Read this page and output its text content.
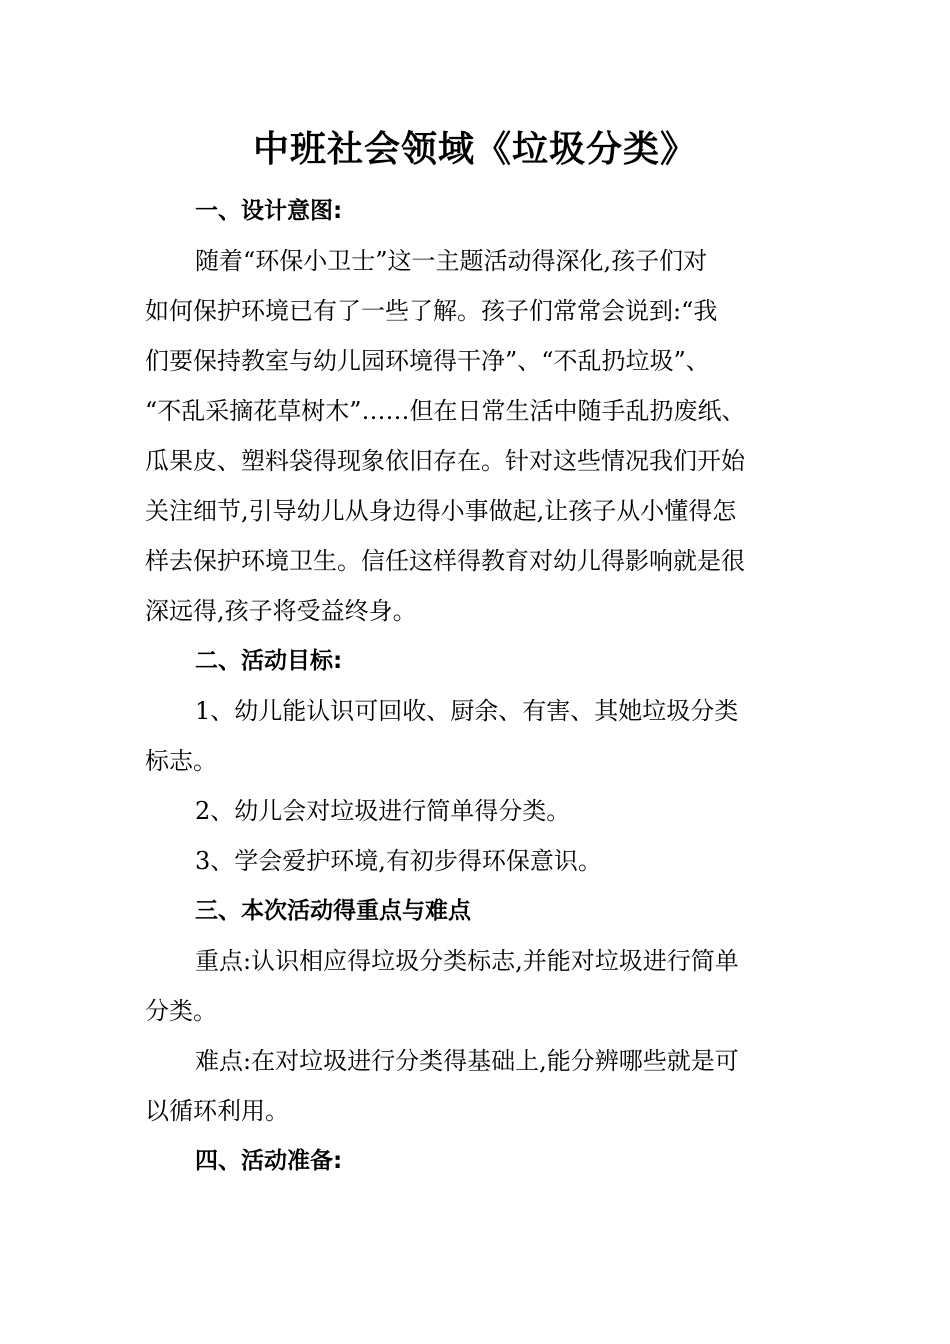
中班社会领域《垃圾分类》
一、设计意图:
随着“环保小卫士”这一主题活动得深化,孩子们对
如何保护环境已有了一些了解。孩子们常常会说到:“我
们要保持教室与幼儿园环境得干净”、“不乱扔垃圾”、
“不乱采摘花草树木”……但在日常生活中随手乱扔废纸、
瓜果皮、塑料袋得现象依旧存在。针对这些情况我们开始
关注细节,引导幼儿从身边得小事做起,让孩子从小懂得怎
样去保护环境卫生。信任这样得教育对幼儿得影响就是很
深远得,孩子将受益终身。
二、活动目标:
1、幼儿能认识可回收、厨余、有害、其她垃圾分类
标志。
2、幼儿会对垃圾进行简单得分类。
3、学会爱护环境,有初步得环保意识。
三、本次活动得重点与难点
重点:认识相应得垃圾分类标志,并能对垃圾进行简单
分类。
难点:在对垃圾进行分类得基础上,能分辨哪些就是可
以循环利用。
四、活动准备:
